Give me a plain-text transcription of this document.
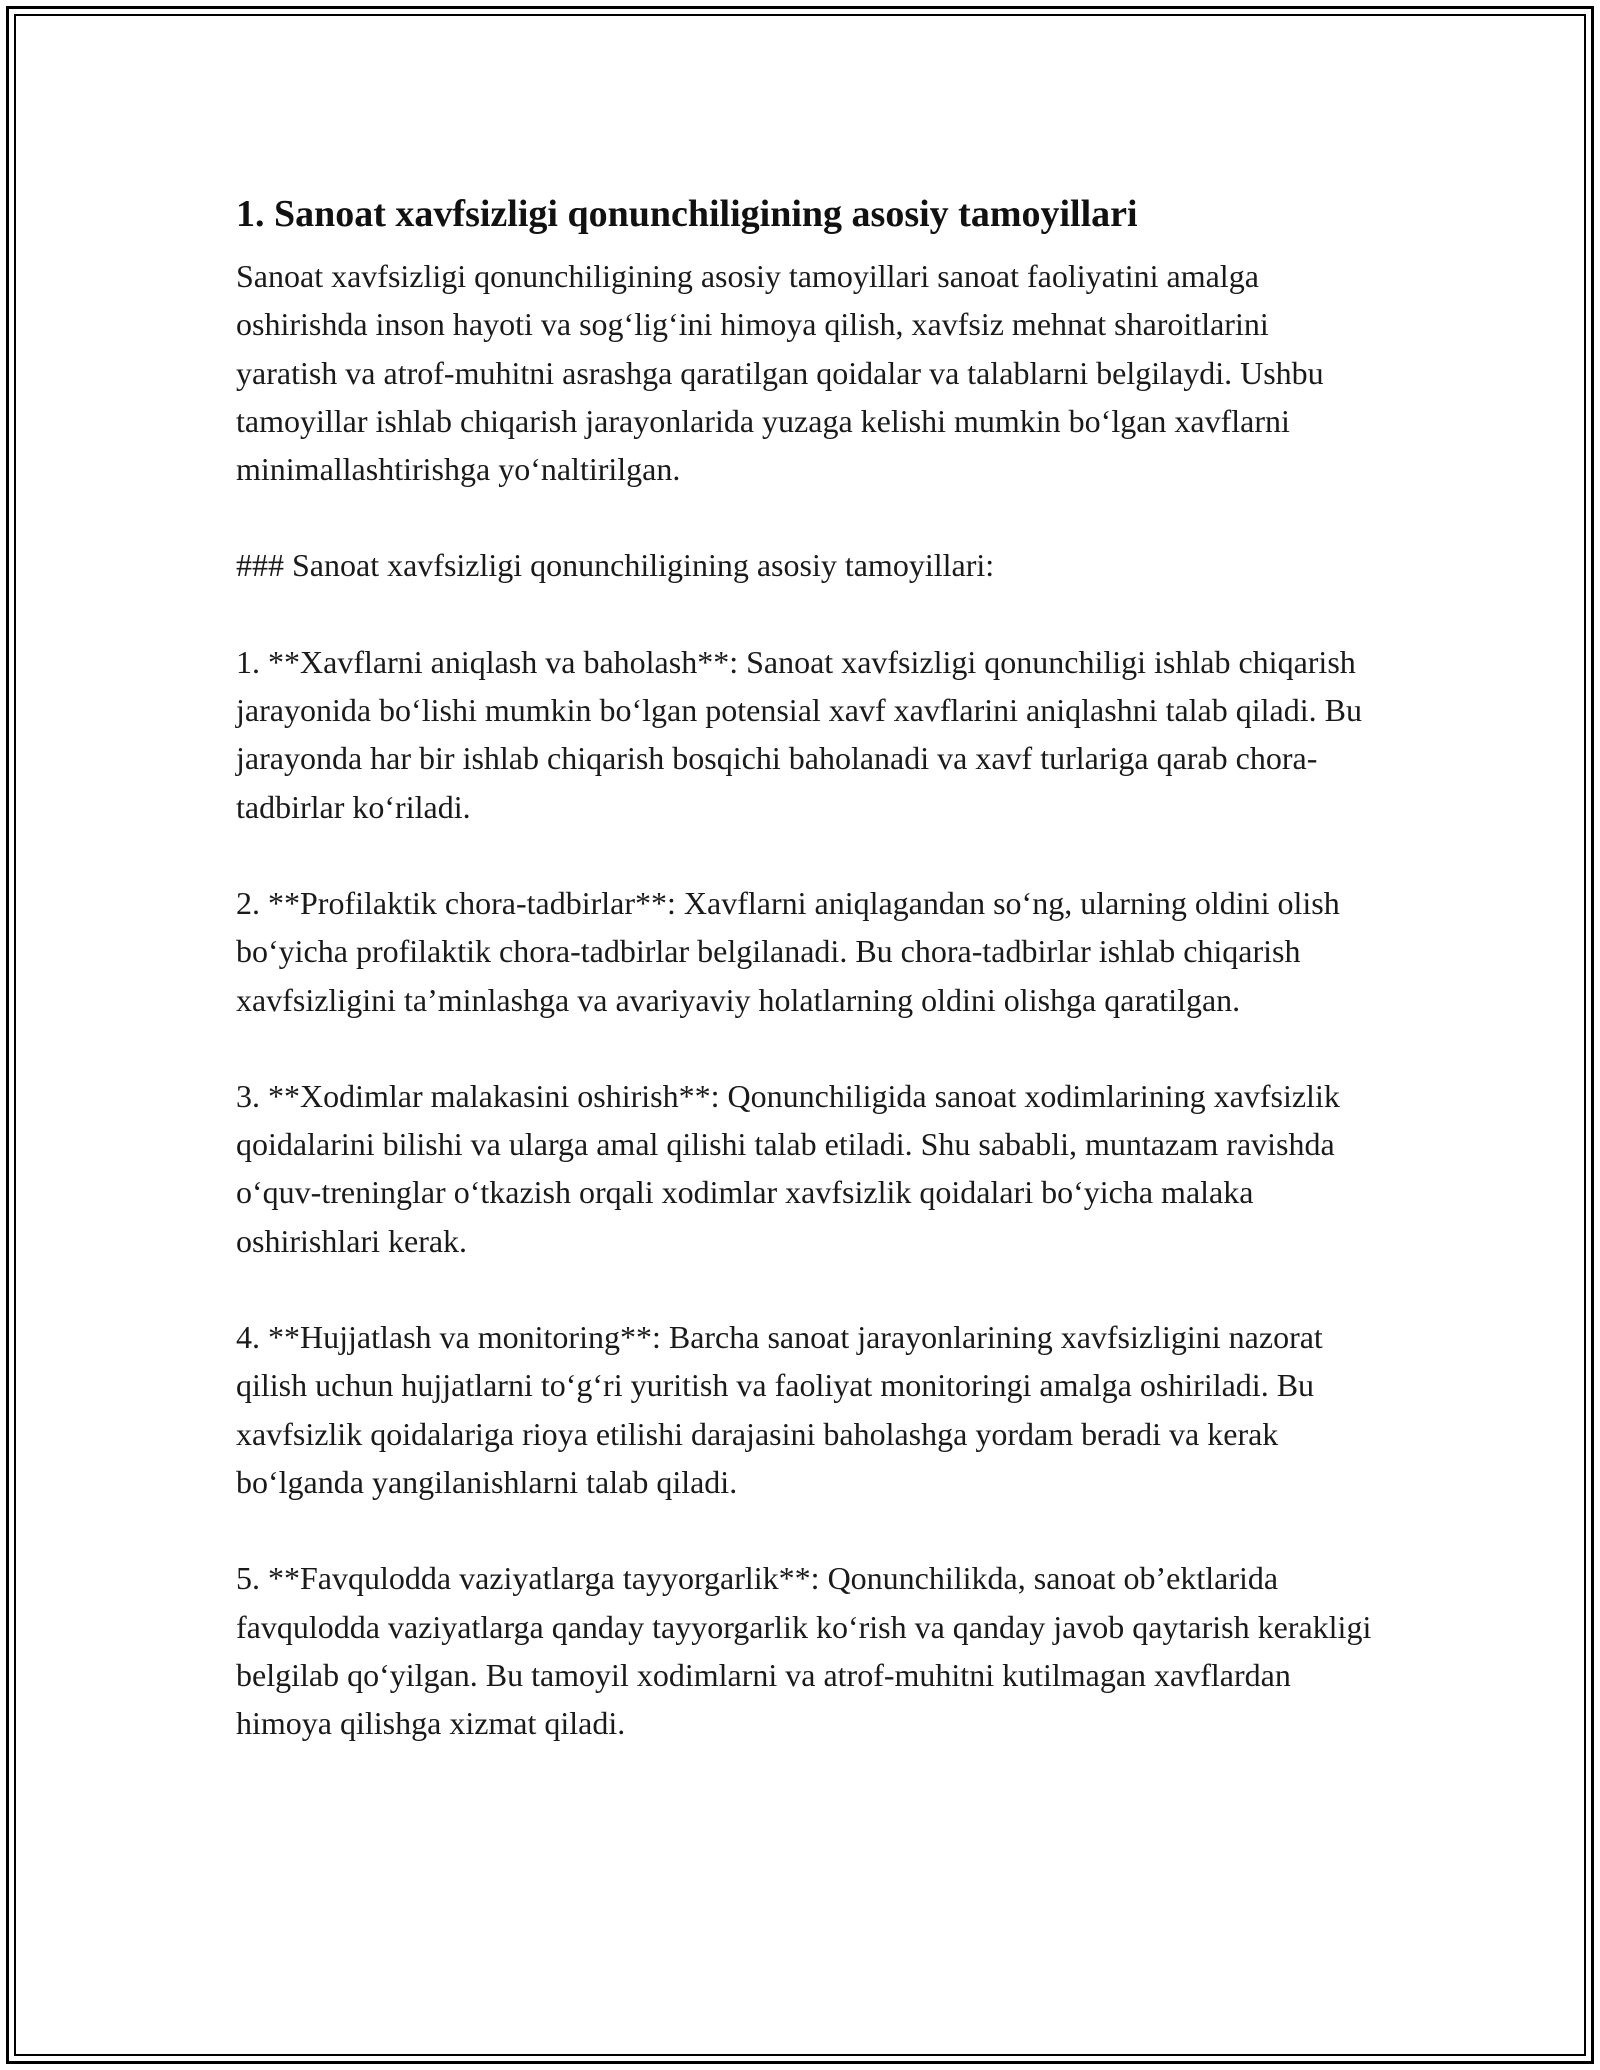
1. Sanoat xavfsizligi qonunchiligining asosiy tamoyillari

Sanoat xavfsizligi qonunchiligining asosiy tamoyillari sanoat faoliyatini amalga oshirishda inson hayoti va sog‘lig‘ini himoya qilish, xavfsiz mehnat sharoitlarini yaratish va atrof-muhitni asrashga qaratilgan qoidalar va talablarni belgilaydi. Ushbu tamoyillar ishlab chiqarish jarayonlarida yuzaga kelishi mumkin bo‘lgan xavflarni minimallashtirishga yo‘naltirilgan.

### Sanoat xavfsizligi qonunchiligining asosiy tamoyillari:

1. **Xavflarni aniqlash va baholash**: Sanoat xavfsizligi qonunchiligi ishlab chiqarish jarayonida bo‘lishi mumkin bo‘lgan potensial xavf xavflarini aniqlashni talab qiladi. Bu jarayonda har bir ishlab chiqarish bosqichi baholanadi va xavf turlariga qarab chora-tadbirlar ko‘riladi.

2. **Profilaktik chora-tadbirlar**: Xavflarni aniqlagandan so‘ng, ularning oldini olish bo‘yicha profilaktik chora-tadbirlar belgilanadi. Bu chora-tadbirlar ishlab chiqarish xavfsizligini ta’minlashga va avariyaviy holatlarning oldini olishga qaratilgan.

3. **Xodimlar malakasini oshirish**: Qonunchiligida sanoat xodimlarining xavfsizlik qoidalarini bilishi va ularga amal qilishi talab etiladi. Shu sababli, muntazam ravishda o‘quv-treninglar o‘tkazish orqali xodimlar xavfsizlik qoidalari bo‘yicha malaka oshirishlari kerak.

4. **Hujjatlash va monitoring**: Barcha sanoat jarayonlarining xavfsizligini nazorat qilish uchun hujjatlarni to‘g‘ri yuritish va faoliyat monitoringi amalga oshiriladi. Bu xavfsizlik qoidalariga rioya etilishi darajasini baholashga yordam beradi va kerak bo‘lganda yangilanishlarni talab qiladi.

5. **Favqulodda vaziyatlarga tayyorgarlik**: Qonunchilikda, sanoat ob’ektlarida favqulodda vaziyatlarga qanday tayyorgarlik ko‘rish va qanday javob qaytarish kerakligi belgilab qo‘yilgan. Bu tamoyil xodimlarni va atrof-muhitni kutilmagan xavflardan himoya qilishga xizmat qiladi.
